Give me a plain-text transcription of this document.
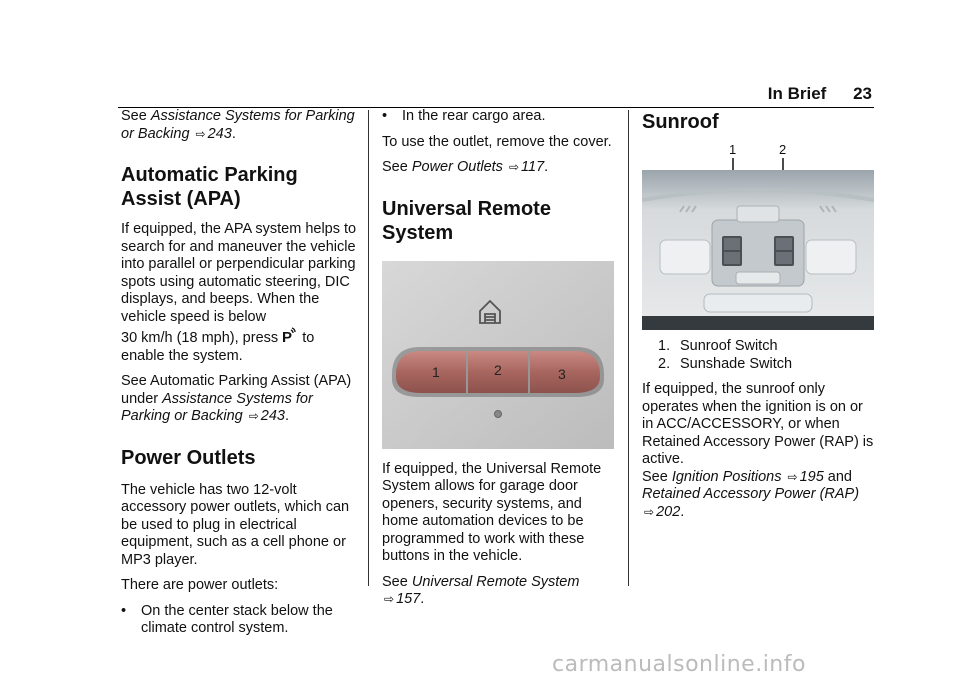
In Brief 23

See Assistance Systems for Parking or Backing ⇨ 243.

Automatic Parking
Assist (APA)

If equipped, the APA system helps to search for and maneuver the vehicle into parallel or perpendicular parking spots using automatic steering, DIC displays, and beeps. When the vehicle speed is below

30 km/h (18 mph), press P to

enable the system.

See Automatic Parking Assist (APA) under Assistance Systems for Parking or Backing ⇨ 243.

Power Outlets

The vehicle has two 12-volt accessory power outlets, which can be used to plug in electrical equipment, such as a cell phone or MP3 player.

There are power outlets:

•	On the center stack below the climate control system.
•	In the rear cargo area.

To use the outlet, remove the cover.

See Power Outlets ⇨ 117.

Universal Remote System
1	2	3

If equipped, the Universal Remote System allows for garage door openers, security systems, and home automation devices to be programmed to work with these buttons in the vehicle.

See Universal Remote System
⇨ 157.

Sunroof
1	2
1. Sunroof Switch
2. Sunshade Switch

If equipped, the sunroof only operates when the ignition is on or in ACC/ACCESSORY, or when Retained Accessory Power (RAP) is active.

See Ignition Positions ⇨ 195 and
Retained Accessory Power (RAP)
⇨ 202.

carmanualsonline.info
